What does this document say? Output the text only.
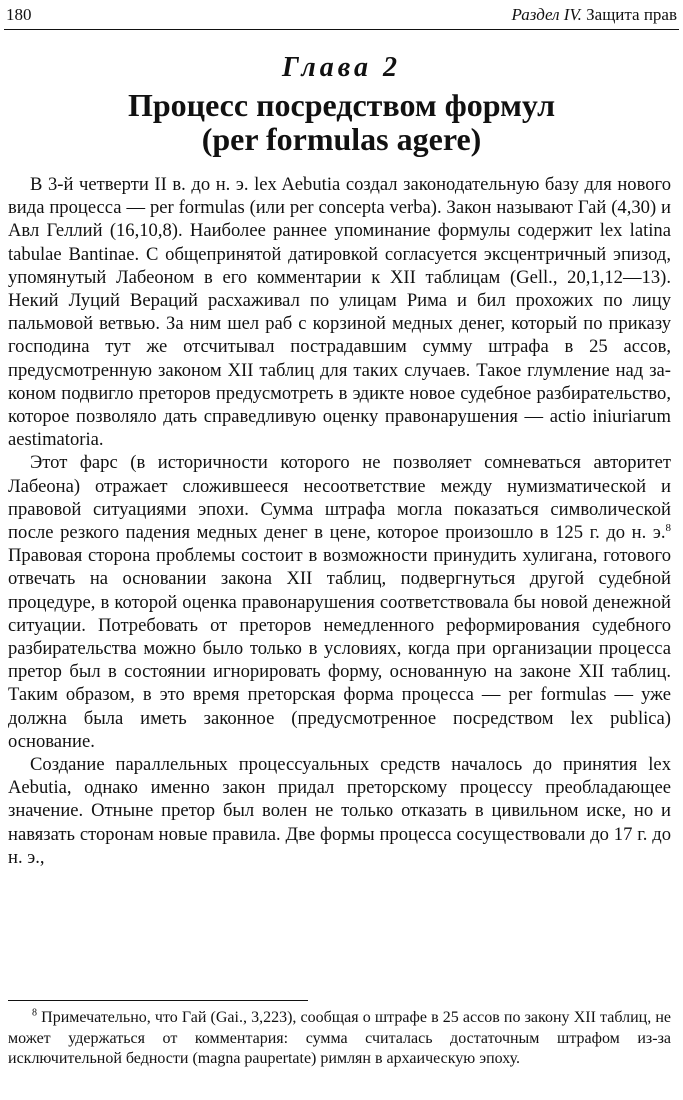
180	Раздел IV. Защита прав
Глава 2
Процесс посредством формул
(per formulas agere)

В 3-й четверти II в. до н. э. lex Aebutia создал законодательную базу для нового вида процесса — per formulas (или per concepta verba). Закон называют Гай (4,30) и Авл Геллий (16,10,8). Наиболее раннее упоминание формулы содержит lex latina tabulae Bantinae. С общепринятой датировкой согласуется эксцентричный эпизод, упомянутый Лабеоном в его комментарии к XII таблицам (Gell., 20,1,12—13). Некий Луций Вераций расхаживал по улицам Рима и бил прохожих по лицу пальмовой ветвью. За ним шел раб с корзиной медных денег, который по приказу господина тут же отсчитывал пострадавшим сумму штрафа в 25 ассов, предусмотренную законом XII таблиц для таких случаев. Такое глумление над законом подвигло преторов предусмотреть в эдикте новое судебное разбирательство, которое позволяло дать справедливую оценку правонарушения — actio iniuriarum aestimatoria.

Этот фарс (в историчности которого не позволяет сомневаться авторитет Лабеона) отражает сложившееся несоответствие между нумизматической и правовой ситуациями эпохи. Сумма штрафа могла показаться символической после резкого падения медных денег в цене, которое произошло в 125 г. до н. э.$^8$ Правовая сторона проблемы состоит в возможности принудить хулигана, готового отвечать на основании закона XII таблиц, подвергнуться другой судебной процедуре, в которой оценка правонарушения соответствовала бы новой денежной ситуации. Потребовать от преторов немедленного реформирования судебного разбирательства можно было только в условиях, когда при организации процесса претор был в состоянии игнорировать форму, основанную на законе XII таблиц. Таким образом, в это время преторская форма процесса — per formulas — уже должна была иметь законное (предусмотренное посредством lex publica) основание.

Создание параллельных процессуальных средств началось до принятия lex Aebutia, однако именно закон придал преторскому процессу преобладающее значение. Отныне претор был волен не только отказать в цивильном иске, но и навязать сторонам новые правила. Две формы процесса сосуществовали до 17 г. до н. э.,

$^8$ Примечательно, что Гай (Gai., 3,223), сообщая о штрафе в 25 ассов по закону XII таблиц, не может удержаться от комментария: сумма считалась достаточным штрафом из-за исключительной бедности (magna paupertate) римлян в архаическую эпоху.
